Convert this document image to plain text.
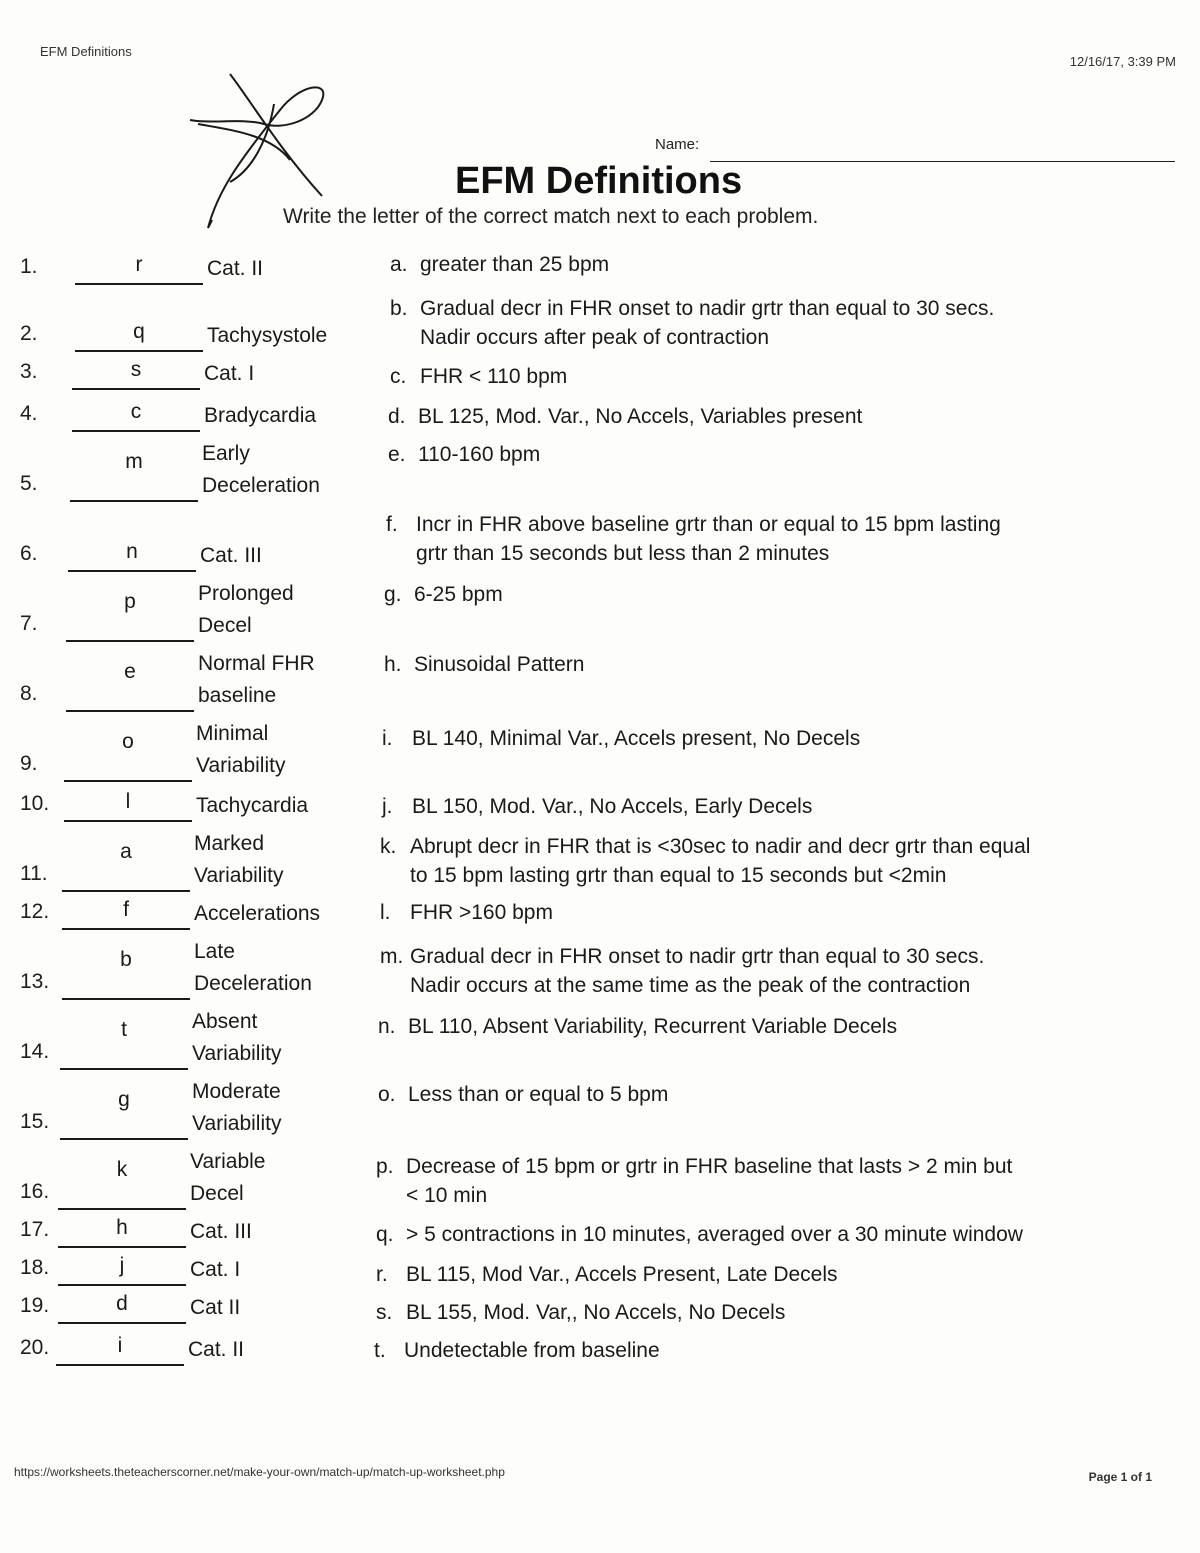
EFM Definitions
12/16/17, 3:39 PM
Name:
EFM Definitions
Write the letter of the correct match next to each problem.
1.	r	Cat. II
2.	q	Tachysystole
3.	s	Cat. I
4.	c	Bradycardia
5.
m	Early
Deceleration
6.	n	Cat. III
7.
p	Prolonged
Decel
8.
e	Normal FHR
baseline
9.
o	Minimal
Variability
10.	l	Tachycardia
11.
a	Marked
Variability
12.	f	Accelerations
13.
b	Late
Deceleration
14.
t	Absent
Variability
15.
g	Moderate
Variability
16.
k	Variable
Decel
17.	h	Cat. III
18.	j	Cat. I
19.	d	Cat II
20.	i	Cat. II
a. greater than 25 bpm
b. Gradual decr in FHR onset to nadir grtr than equal to 30 secs.
Nadir occurs after peak of contraction
c. FHR < 110 bpm
d. BL 125, Mod. Var., No Accels, Variables present
e. 110-160 bpm
f. Incr in FHR above baseline grtr than or equal to 15 bpm lasting
grtr than 15 seconds but less than 2 minutes
g. 6-25 bpm
h. Sinusoidal Pattern
i. BL 140, Minimal Var., Accels present, No Decels
j. BL 150, Mod. Var., No Accels, Early Decels
k. Abrupt decr in FHR that is <30sec to nadir and decr grtr than equal
to 15 bpm lasting grtr than equal to 15 seconds but <2min
l. FHR >160 bpm
m. Gradual decr in FHR onset to nadir grtr than equal to 30 secs.
Nadir occurs at the same time as the peak of the contraction
n. BL 110, Absent Variability, Recurrent Variable Decels
o. Less than or equal to 5 bpm
p. Decrease of 15 bpm or grtr in FHR baseline that lasts > 2 min but
< 10 min
q. > 5 contractions in 10 minutes, averaged over a 30 minute window
r. BL 115, Mod Var., Accels Present, Late Decels
s. BL 155, Mod. Var,, No Accels, No Decels
t. Undetectable from baseline
https://worksheets.theteacherscorner.net/make-your-own/match-up/match-up-worksheet.php	Page 1 of 1
